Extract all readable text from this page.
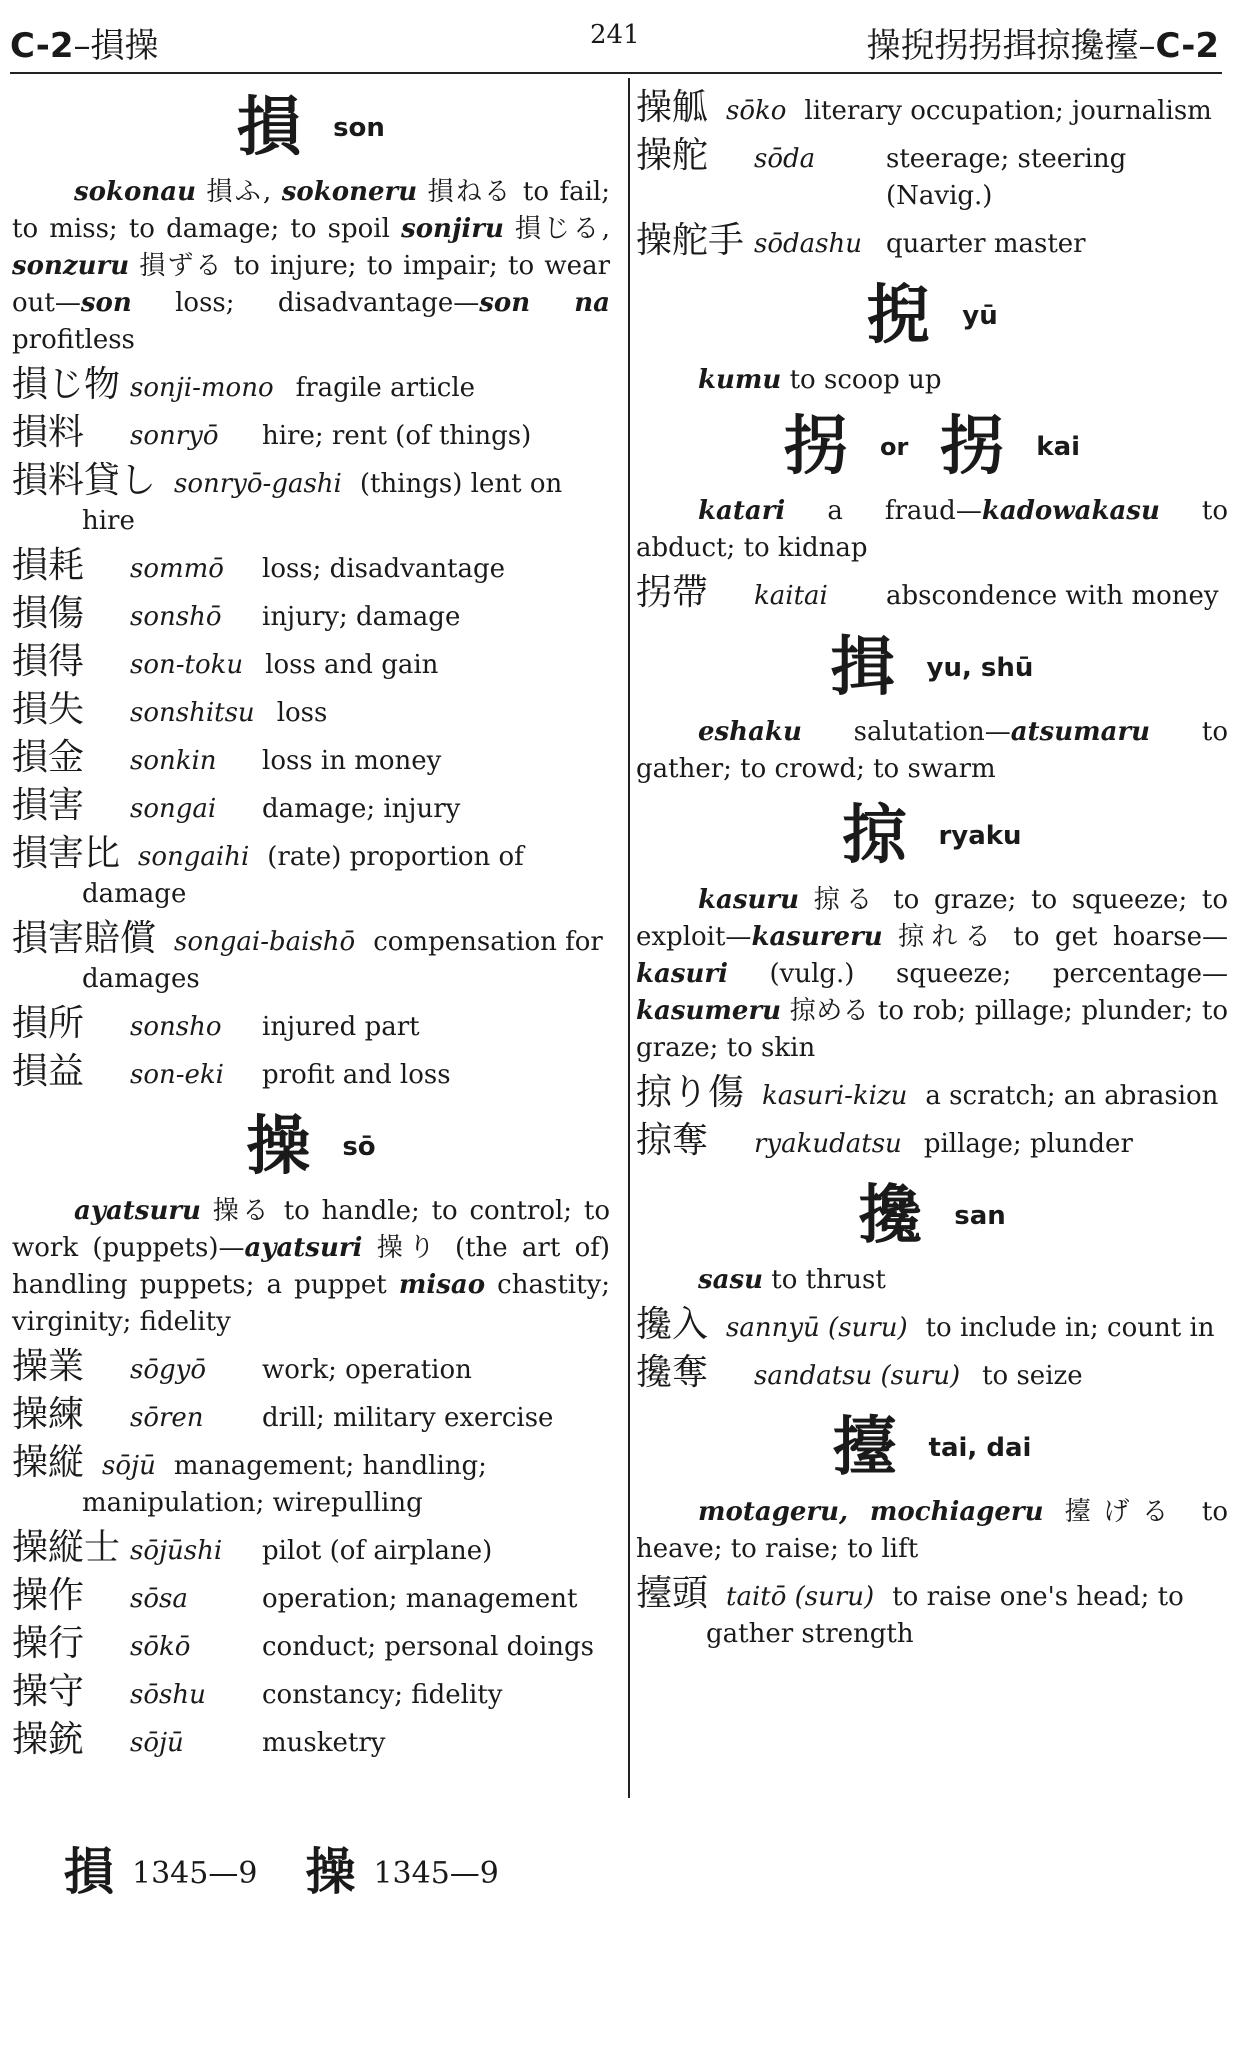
C-2–損操	241	操掜拐拐揖掠攙擡–C-2
損 son

sokonau 損ふ, sokoneru 損ねる to fail; to miss; to damage; to spoil sonjiru 損じる, sonzuru 損ずる to injure; to impair; to wear out—son loss; disadvantage—son na profitless

損じ物 sonji-mono fragile article
損料	sonryō	hire; rent (of things)
損料貸し sonryō-gashi (things) lent on hire
損耗	sommō	loss; disadvantage
損傷	sonshō	injury; damage
損得	son-toku loss and gain
損失	sonshitsu loss
損金	sonkin	loss in money
損害	songai	damage; injury
損害比 songaihi (rate) proportion of damage
損害賠償 songai-baishō compensation for damages
損所	sonsho	injured part
損益	son-eki	profit and loss
操 sō

ayatsuru 操る to handle; to control; to work (puppets)—ayatsuri 操り (the art of) handling puppets; a puppet misao chastity; virginity; fidelity

操業	sōgyō	work; operation
操練	sōren	drill; military exercise
操縦 sōjū management; handling; manipulation; wirepulling
操縦士 sōjūshi	pilot (of airplane)
操作	sōsa	operation; management
操行	sōkō	conduct; personal doings
操守	sōshu	constancy; fidelity
操銃	sōjū	musketry
操觚 sōko literary occupation; journalism
操舵	sōda	steerage; steering (Navig.)
操舵手 sōdashu quarter master
掜 yū

kumu to scoop up

拐 or 拐 kai

katari a fraud—kadowakasu to abduct; to kidnap

拐帶	kaitai	abscondence with money
揖 yu, shū

eshaku salutation—atsumaru to gather; to crowd; to swarm

掠 ryaku

kasuru 掠る to graze; to squeeze; to exploit—kasureru 掠れる to get hoarse—kasuri (vulg.) squeeze; percentage—kasumeru 掠める to rob; pillage; plunder; to graze; to skin

掠り傷 kasuri-kizu a scratch; an abrasion
掠奪	ryakudatsu pillage; plunder
攙 san

sasu to thrust

攙入 sannyū (suru) to include in; count in
攙奪	sandatsu (suru) to seize
擡 tai, dai

motageru, mochiageru 擡げる to heave; to raise; to lift

擡頭 taitō (suru) to raise one's head; to gather strength
損 1345—9 操 1345—9
